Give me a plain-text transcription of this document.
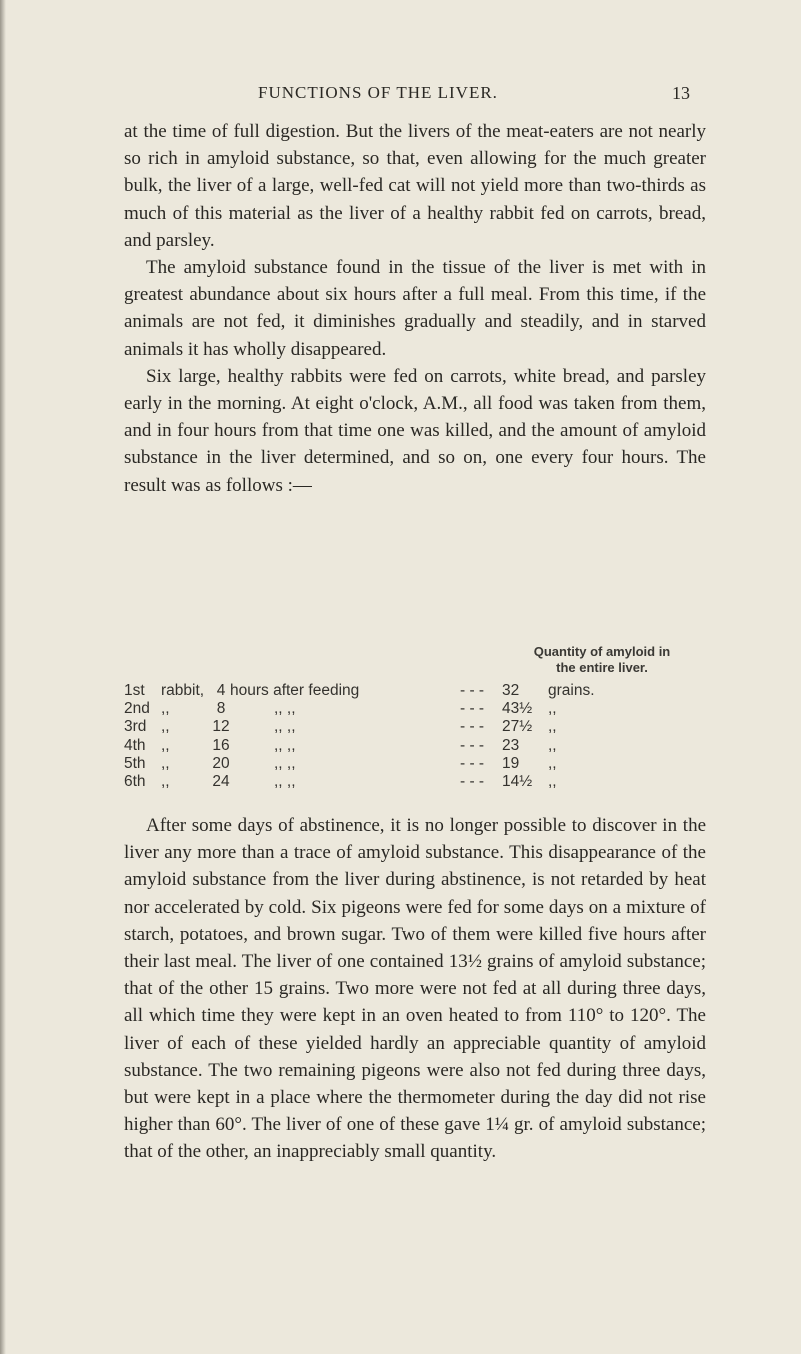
FUNCTIONS OF THE LIVER.	13

at the time of full digestion. But the livers of the meat-eaters are not nearly so rich in amyloid substance, so that, even allowing for the much greater bulk, the liver of a large, well-fed cat will not yield more than two-thirds as much of this material as the liver of a healthy rabbit fed on carrots, bread, and parsley.

The amyloid substance found in the tissue of the liver is met with in greatest abundance about six hours after a full meal. From this time, if the animals are not fed, it diminishes gradually and steadily, and in starved animals it has wholly disappeared.

Six large, healthy rabbits were fed on carrots, white bread, and parsley early in the morning. At eight o'clock, A.M., all food was taken from them, and in four hours from that time one was killed, and the amount of amyloid substance in the liver determined, and so on, one every four hours. The result was as follows :—

Quantity of amyloid in
the entire liver.
1st rabbit, 4 hours after feeding	- - - 32 grains.
2nd ,,	8	,, ,,	- - - 43½ ,,
3rd ,,	12	,, ,,	- - - 27½ ,,
4th ,,	16	,, ,,	- - - 23 ,,
5th ,,	20	,, ,,	- - - 19 ,,
6th ,,	24	,, ,,	- - - 14½ ,,

After some days of abstinence, it is no longer possible to discover in the liver any more than a trace of amyloid substance. This disappearance of the amyloid substance from the liver during abstinence, is not retarded by heat nor accelerated by cold. Six pigeons were fed for some days on a mixture of starch, potatoes, and brown sugar. Two of them were killed five hours after their last meal. The liver of one contained 13½ grains of amyloid substance; that of the other 15 grains. Two more were not fed at all during three days, all which time they were kept in an oven heated to from 110° to 120°. The liver of each of these yielded hardly an appreciable quantity of amyloid substance. The two remaining pigeons were also not fed during three days, but were kept in a place where the thermometer during the day did not rise higher than 60°. The liver of one of these gave 1¼ gr. of amyloid substance; that of the other, an inappreciably small quantity.
